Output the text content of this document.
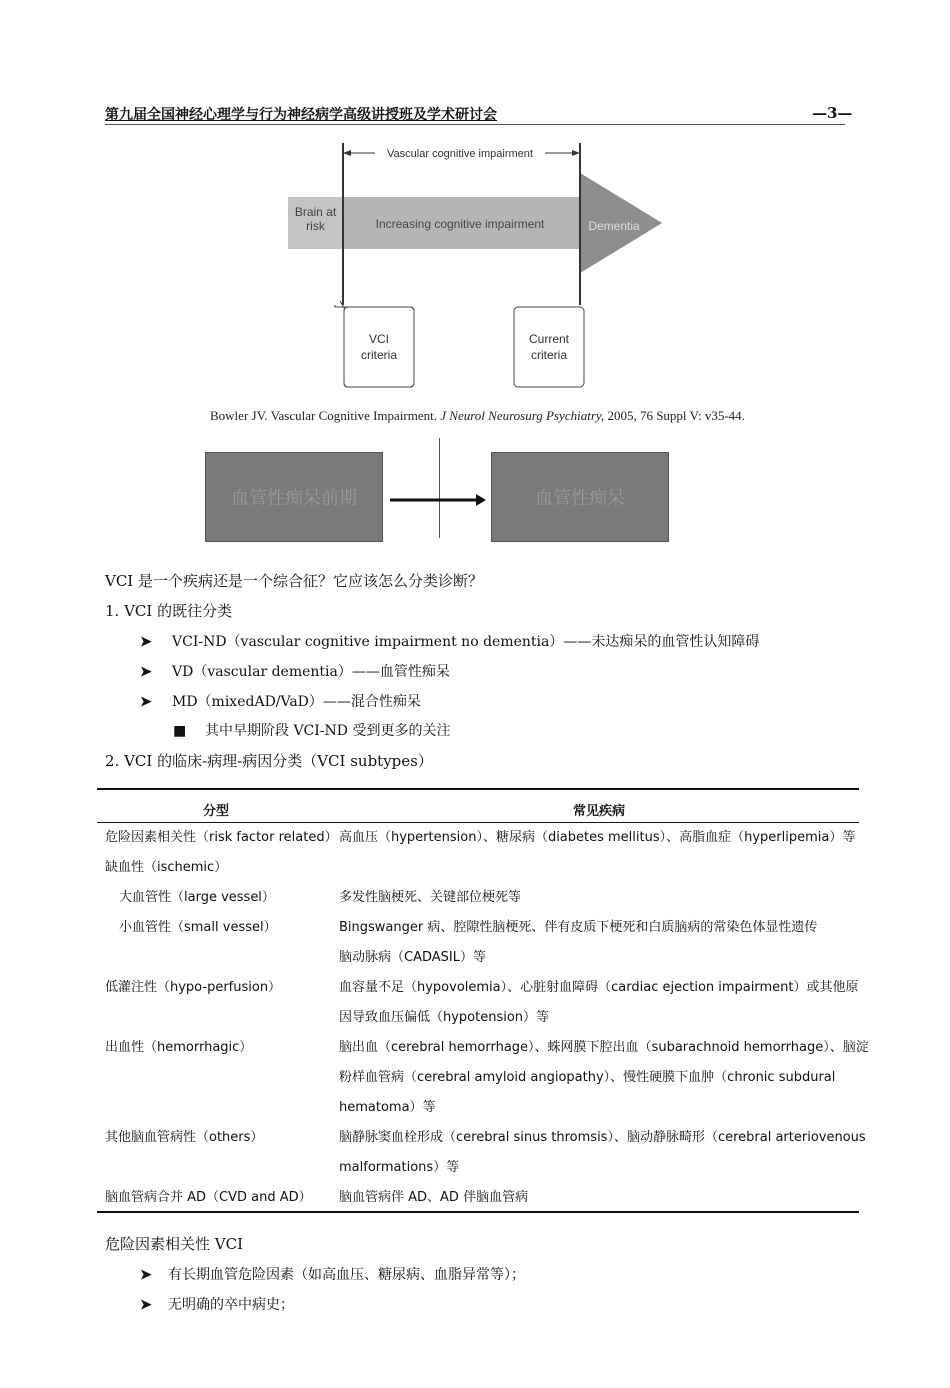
第九届全国神经心理学与行为神经病学高级讲授班及学术研讨会	—3—
Vascular cognitive impairment
Brain at risk	Increasing cognitive impairment	Dementia
VCI criteria
Current criteria
Bowler JV. Vascular Cognitive Impairment. J Neurol Neurosurg Psychiatry, 2005, 76 Suppl V: v35-44.
血管性痴呆前期	血管性痴呆
VCI 是一个疾病还是一个综合征？它应该怎么分类诊断？
1. VCI 的既往分类
➤ VCI-ND（vascular cognitive impairment no dementia）——未达痴呆的血管性认知障碍
➤ VD（vascular dementia）——血管性痴呆
➤ MD（mixedAD/VaD）——混合性痴呆
■ 其中早期阶段 VCI-ND 受到更多的关注
2. VCI 的临床-病理-病因分类（VCI subtypes）
分型	常见疾病
危险因素相关性（risk factor related） 高血压（hypertension）、糖尿病（diabetes mellitus）、高脂血症（hyperlipemia）等
缺血性（ischemic）
大血管性（large vessel）	多发性脑梗死、关键部位梗死等
小血管性（small vessel）	Bingswanger 病、腔隙性脑梗死、伴有皮质下梗死和白质脑病的常染色体显性遗传
脑动脉病（CADASIL）等
低灌注性（hypo-perfusion）	血容量不足（hypovolemia）、心脏射血障碍（cardiac ejection impairment）或其他原
因导致血压偏低（hypotension）等
出血性（hemorrhagic）	脑出血（cerebral hemorrhage）、蛛网膜下腔出血（subarachnoid hemorrhage）、脑淀
粉样血管病（cerebral amyloid angiopathy）、慢性硬膜下血肿（chronic subdural
hematoma）等
其他脑血管病性（others）	脑静脉窦血栓形成（cerebral sinus thromsis）、脑动静脉畸形（cerebral arteriovenous
malformations）等
脑血管病合并 AD（CVD and AD） 脑血管病伴 AD、AD 伴脑血管病
危险因素相关性 VCI
➤ 有长期血管危险因素（如高血压、糖尿病、血脂异常等）；
➤ 无明确的卒中病史；
